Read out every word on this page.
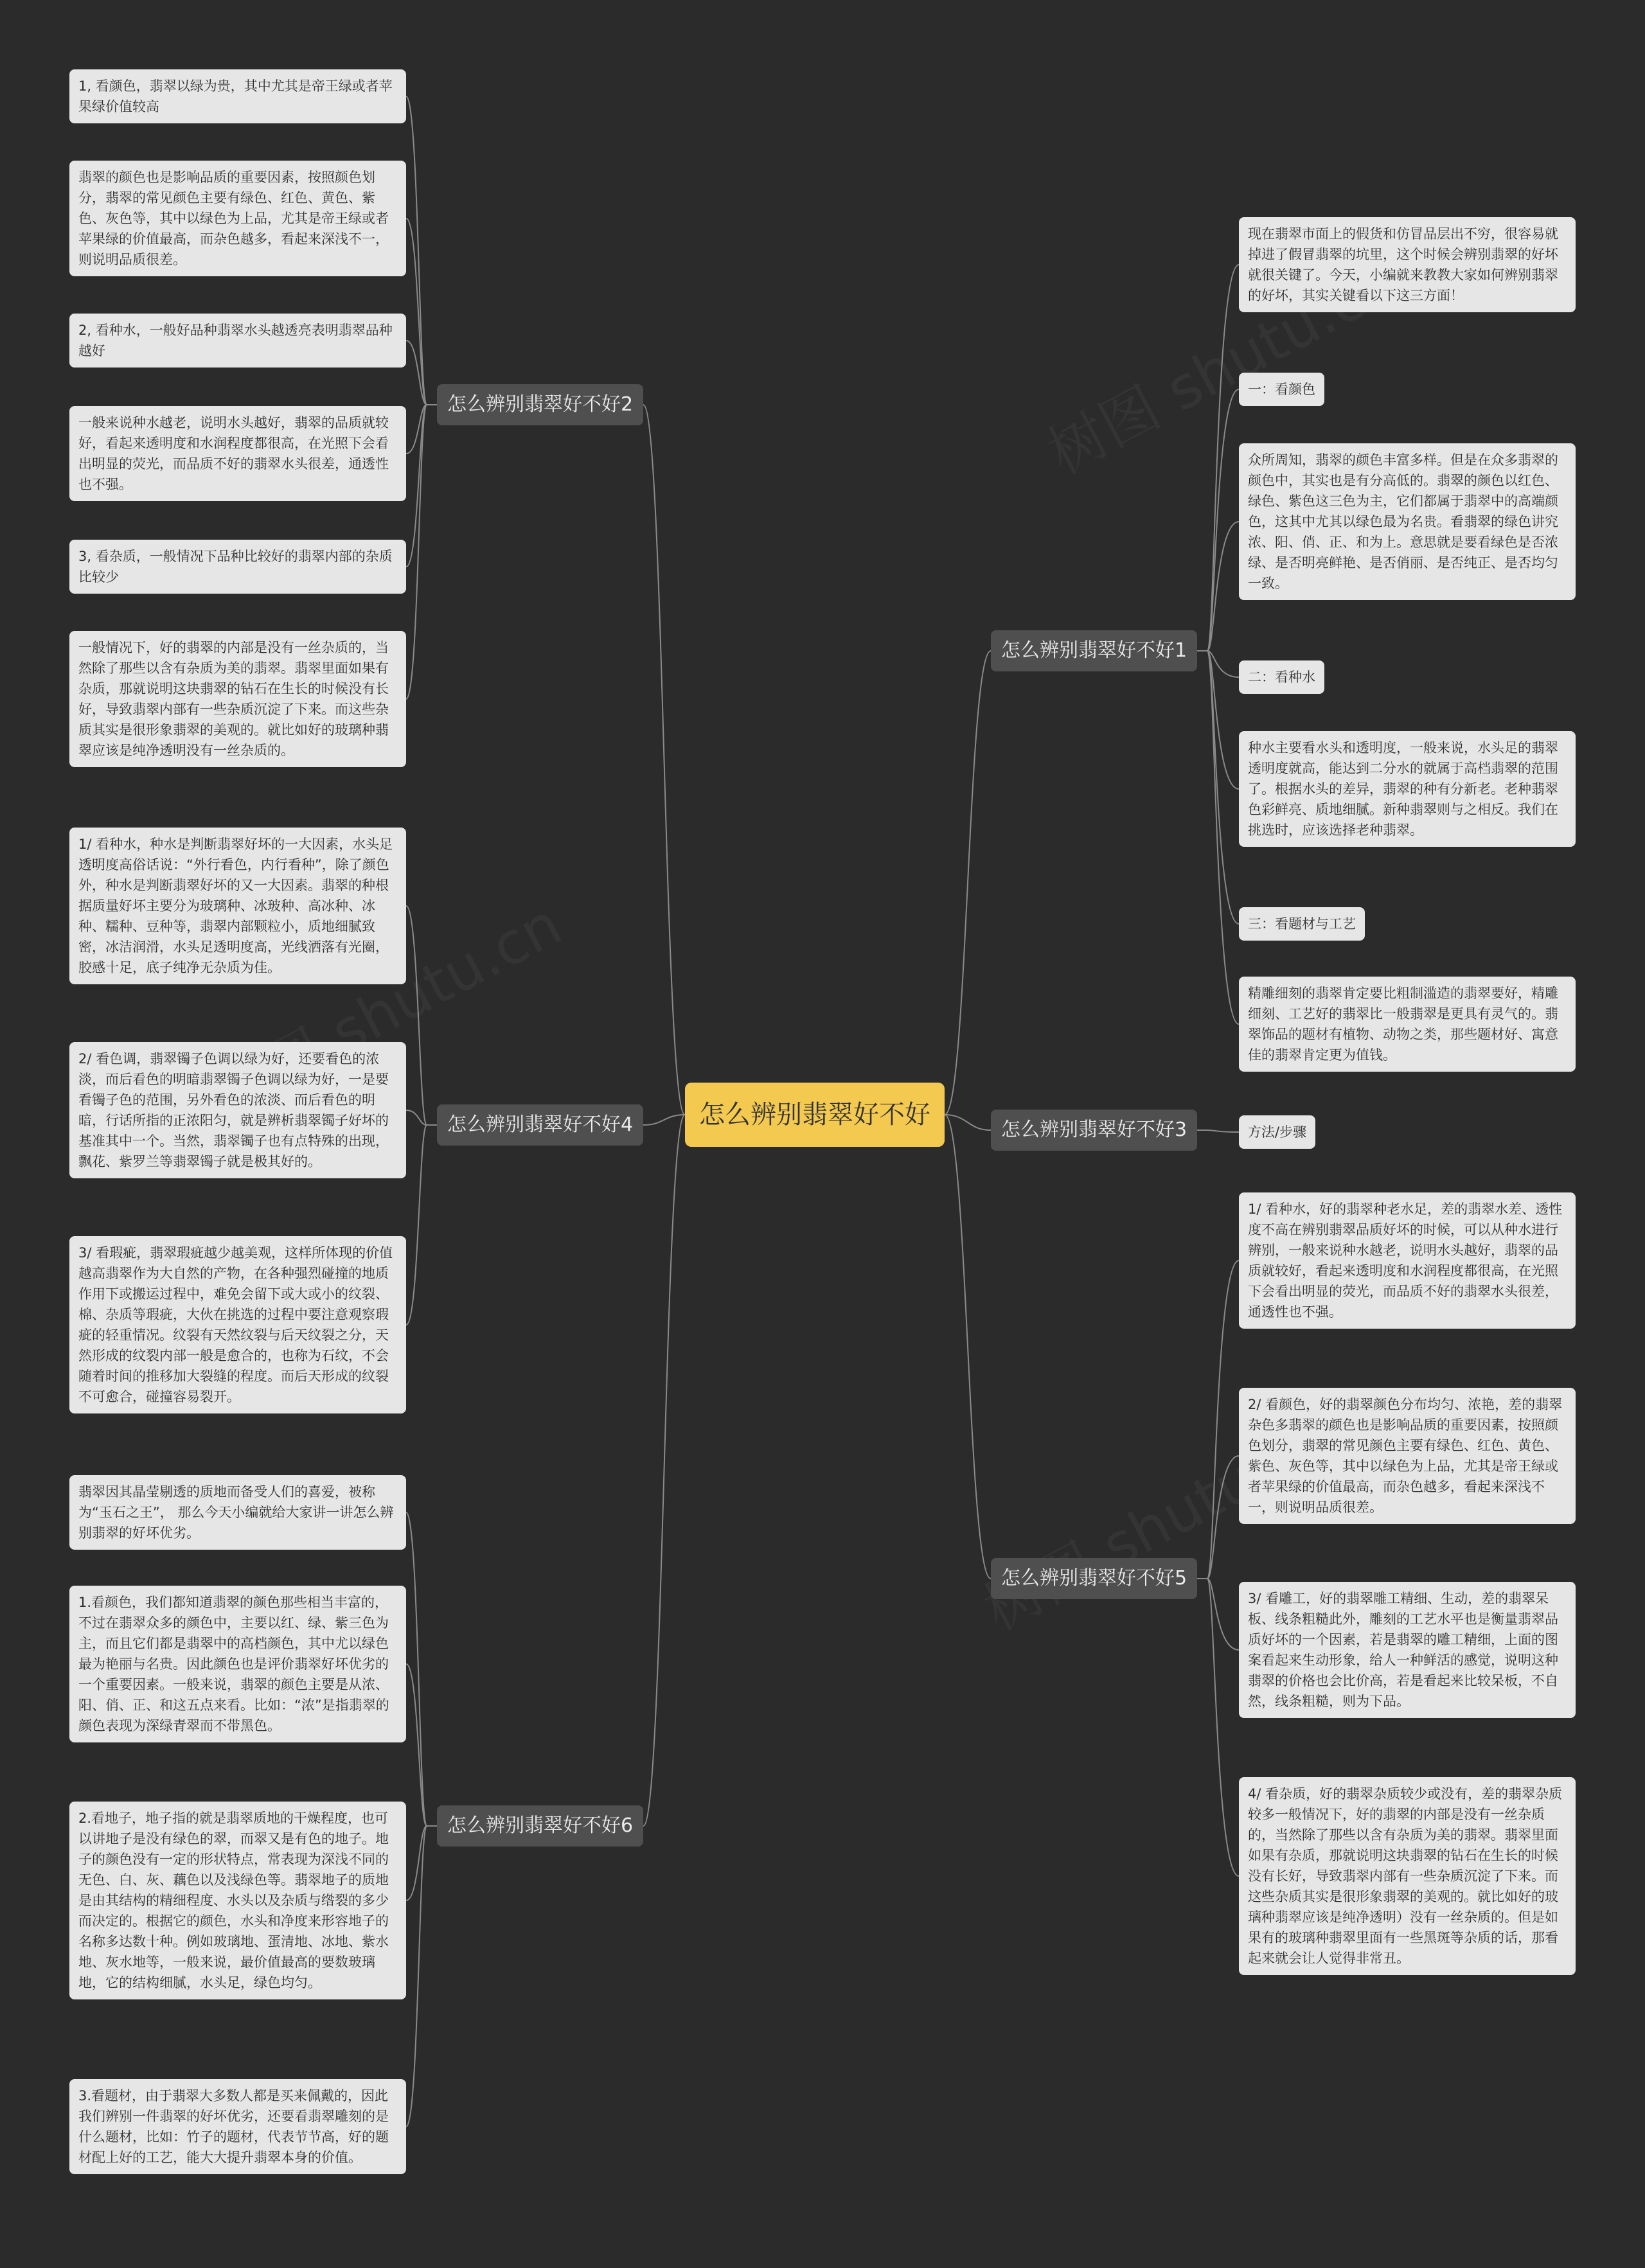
怎么辨别翡翠好不好
怎么辨别翡翠好不好1
现在翡翠市面上的假货和仿冒品层出不穷，很容易就掉进了假冒翡翠的坑里，这个时候会辨别翡翠的好坏就很关键了。今天，小编就来教教大家如何辨别翡翠的好坏，其实关键看以下这三方面！
一：看颜色
众所周知，翡翠的颜色丰富多样。但是在众多翡翠的颜色中，其实也是有分高低的。翡翠的颜色以红色、绿色、紫色这三色为主，它们都属于翡翠中的高端颜色，这其中尤其以绿色最为名贵。看翡翠的绿色讲究浓、阳、俏、正、和为上。意思就是要看绿色是否浓绿、是否明亮鲜艳、是否俏丽、是否纯正、是否均匀一致。
二：看种水
种水主要看水头和透明度，一般来说，水头足的翡翠透明度就高，能达到二分水的就属于高档翡翠的范围了。根据水头的差异，翡翠的种有分新老。老种翡翠色彩鲜亮、质地细腻。新种翡翠则与之相反。我们在挑选时，应该选择老种翡翠。
三：看题材与工艺
精雕细刻的翡翠肯定要比粗制滥造的翡翠要好，精雕细刻、工艺好的翡翠比一般翡翠是更具有灵气的。翡翠饰品的题材有植物、动物之类，那些题材好、寓意佳的翡翠肯定更为值钱。
怎么辨别翡翠好不好2
1, 看颜色，翡翠以绿为贵，其中尤其是帝王绿或者苹果绿价值较高
翡翠的颜色也是影响品质的重要因素，按照颜色划分，翡翠的常见颜色主要有绿色、红色、黄色、紫色、灰色等，其中以绿色为上品，尤其是帝王绿或者苹果绿的价值最高，而杂色越多，看起来深浅不一，则说明品质很差。
2, 看种水，一般好品种翡翠水头越透亮表明翡翠品种越好
一般来说种水越老，说明水头越好，翡翠的品质就较好，看起来透明度和水润程度都很高，在光照下会看出明显的荧光，而品质不好的翡翠水头很差，通透性也不强。
3, 看杂质，一般情况下品种比较好的翡翠内部的杂质比较少
一般情况下，好的翡翠的内部是没有一丝杂质的，当然除了那些以含有杂质为美的翡翠。翡翠里面如果有杂质，那就说明这块翡翠的钻石在生长的时候没有长好，导致翡翠内部有一些杂质沉淀了下来。而这些杂质其实是很形象翡翠的美观的。就比如好的玻璃种翡翠应该是纯净透明没有一丝杂质的。
怎么辨别翡翠好不好3	方法/步骤
怎么辨别翡翠好不好4
1/ 看种水，种水是判断翡翠好坏的一大因素，水头足透明度高俗话说：“外行看色，内行看种”，除了颜色外，种水是判断翡翠好坏的又一大因素。翡翠的种根据质量好坏主要分为玻璃种、冰玻种、高冰种、冰种、糯种、豆种等，翡翠内部颗粒小，质地细腻致密，冰洁润滑，水头足透明度高，光线洒落有光圈，胶感十足，底子纯净无杂质为佳。
2/ 看色调，翡翠镯子色调以绿为好，还要看色的浓淡，而后看色的明暗翡翠镯子色调以绿为好，一是要看镯子色的范围，另外看色的浓淡、而后看色的明暗，行话所指的正浓阳匀，就是辨析翡翠镯子好坏的基准其中一个。当然，翡翠镯子也有点特殊的出现，飘花、紫罗兰等翡翠镯子就是极其好的。
3/ 看瑕疵，翡翠瑕疵越少越美观，这样所体现的价值越高翡翠作为大自然的产物，在各种强烈碰撞的地质作用下或搬运过程中，难免会留下或大或小的纹裂、棉、杂质等瑕疵，大伙在挑选的过程中要注意观察瑕疵的轻重情况。纹裂有天然纹裂与后天纹裂之分，天然形成的纹裂内部一般是愈合的，也称为石纹，不会随着时间的推移加大裂缝的程度。而后天形成的纹裂不可愈合，碰撞容易裂开。
怎么辨别翡翠好不好5
1/ 看种水，好的翡翠种老水足，差的翡翠水差、透性度不高在辨别翡翠品质好坏的时候，可以从种水进行辨别，一般来说种水越老，说明水头越好，翡翠的品质就较好，看起来透明度和水润程度都很高，在光照下会看出明显的荧光，而品质不好的翡翠水头很差，通透性也不强。
2/ 看颜色，好的翡翠颜色分布均匀、浓艳，差的翡翠杂色多翡翠的颜色也是影响品质的重要因素，按照颜色划分，翡翠的常见颜色主要有绿色、红色、黄色、紫色、灰色等，其中以绿色为上品，尤其是帝王绿或者苹果绿的价值最高，而杂色越多，看起来深浅不一，则说明品质很差。
3/ 看雕工，好的翡翠雕工精细、生动，差的翡翠呆板、线条粗糙此外，雕刻的工艺水平也是衡量翡翠品质好坏的一个因素，若是翡翠的雕工精细，上面的图案看起来生动形象，给人一种鲜活的感觉，说明这种翡翠的价格也会比价高，若是看起来比较呆板，不自然，线条粗糙，则为下品。
4/ 看杂质，好的翡翠杂质较少或没有，差的翡翠杂质较多一般情况下，好的翡翠的内部是没有一丝杂质的，当然除了那些以含有杂质为美的翡翠。翡翠里面如果有杂质，那就说明这块翡翠的钻石在生长的时候没有长好，导致翡翠内部有一些杂质沉淀了下来。而这些杂质其实是很形象翡翠的美观的。就比如好的玻璃种翡翠应该是纯净透明）没有一丝杂质的。但是如果有的玻璃种翡翠里面有一些黑斑等杂质的话，那看起来就会让人觉得非常丑。
怎么辨别翡翠好不好6
翡翠因其晶莹剔透的质地而备受人们的喜爱，被称为“玉石之王”， 那么今天小编就给大家讲一讲怎么辨别翡翠的好坏优劣。
1.看颜色，我们都知道翡翠的颜色那些相当丰富的，不过在翡翠众多的颜色中，主要以红、绿、紫三色为主，而且它们都是翡翠中的高档颜色，其中尤以绿色最为艳丽与名贵。因此颜色也是评价翡翠好坏优劣的一个重要因素。一般来说，翡翠的颜色主要是从浓、阳、俏、正、和这五点来看。比如：“浓”是指翡翠的颜色表现为深绿青翠而不带黑色。
2.看地子，地子指的就是翡翠质地的干燥程度，也可以讲地子是没有绿色的翠，而翠又是有色的地子。地子的颜色没有一定的形状特点，常表现为深浅不同的无色、白、灰、藕色以及浅绿色等。翡翠地子的质地是由其结构的精细程度、水头以及杂质与绺裂的多少而决定的。根据它的颜色，水头和净度来形容地子的名称多达数十种。例如玻璃地、蛋清地、冰地、紫水地、灰水地等，一般来说，最价值最高的要数玻璃地，它的结构细腻，水头足，绿色均匀。
3.看题材，由于翡翠大多数人都是买来佩戴的，因此我们辨别一件翡翠的好坏优劣，还要看翡翠雕刻的是什么题材，比如：竹子的题材，代表节节高，好的题材配上好的工艺，能大大提升翡翠本身的价值。
